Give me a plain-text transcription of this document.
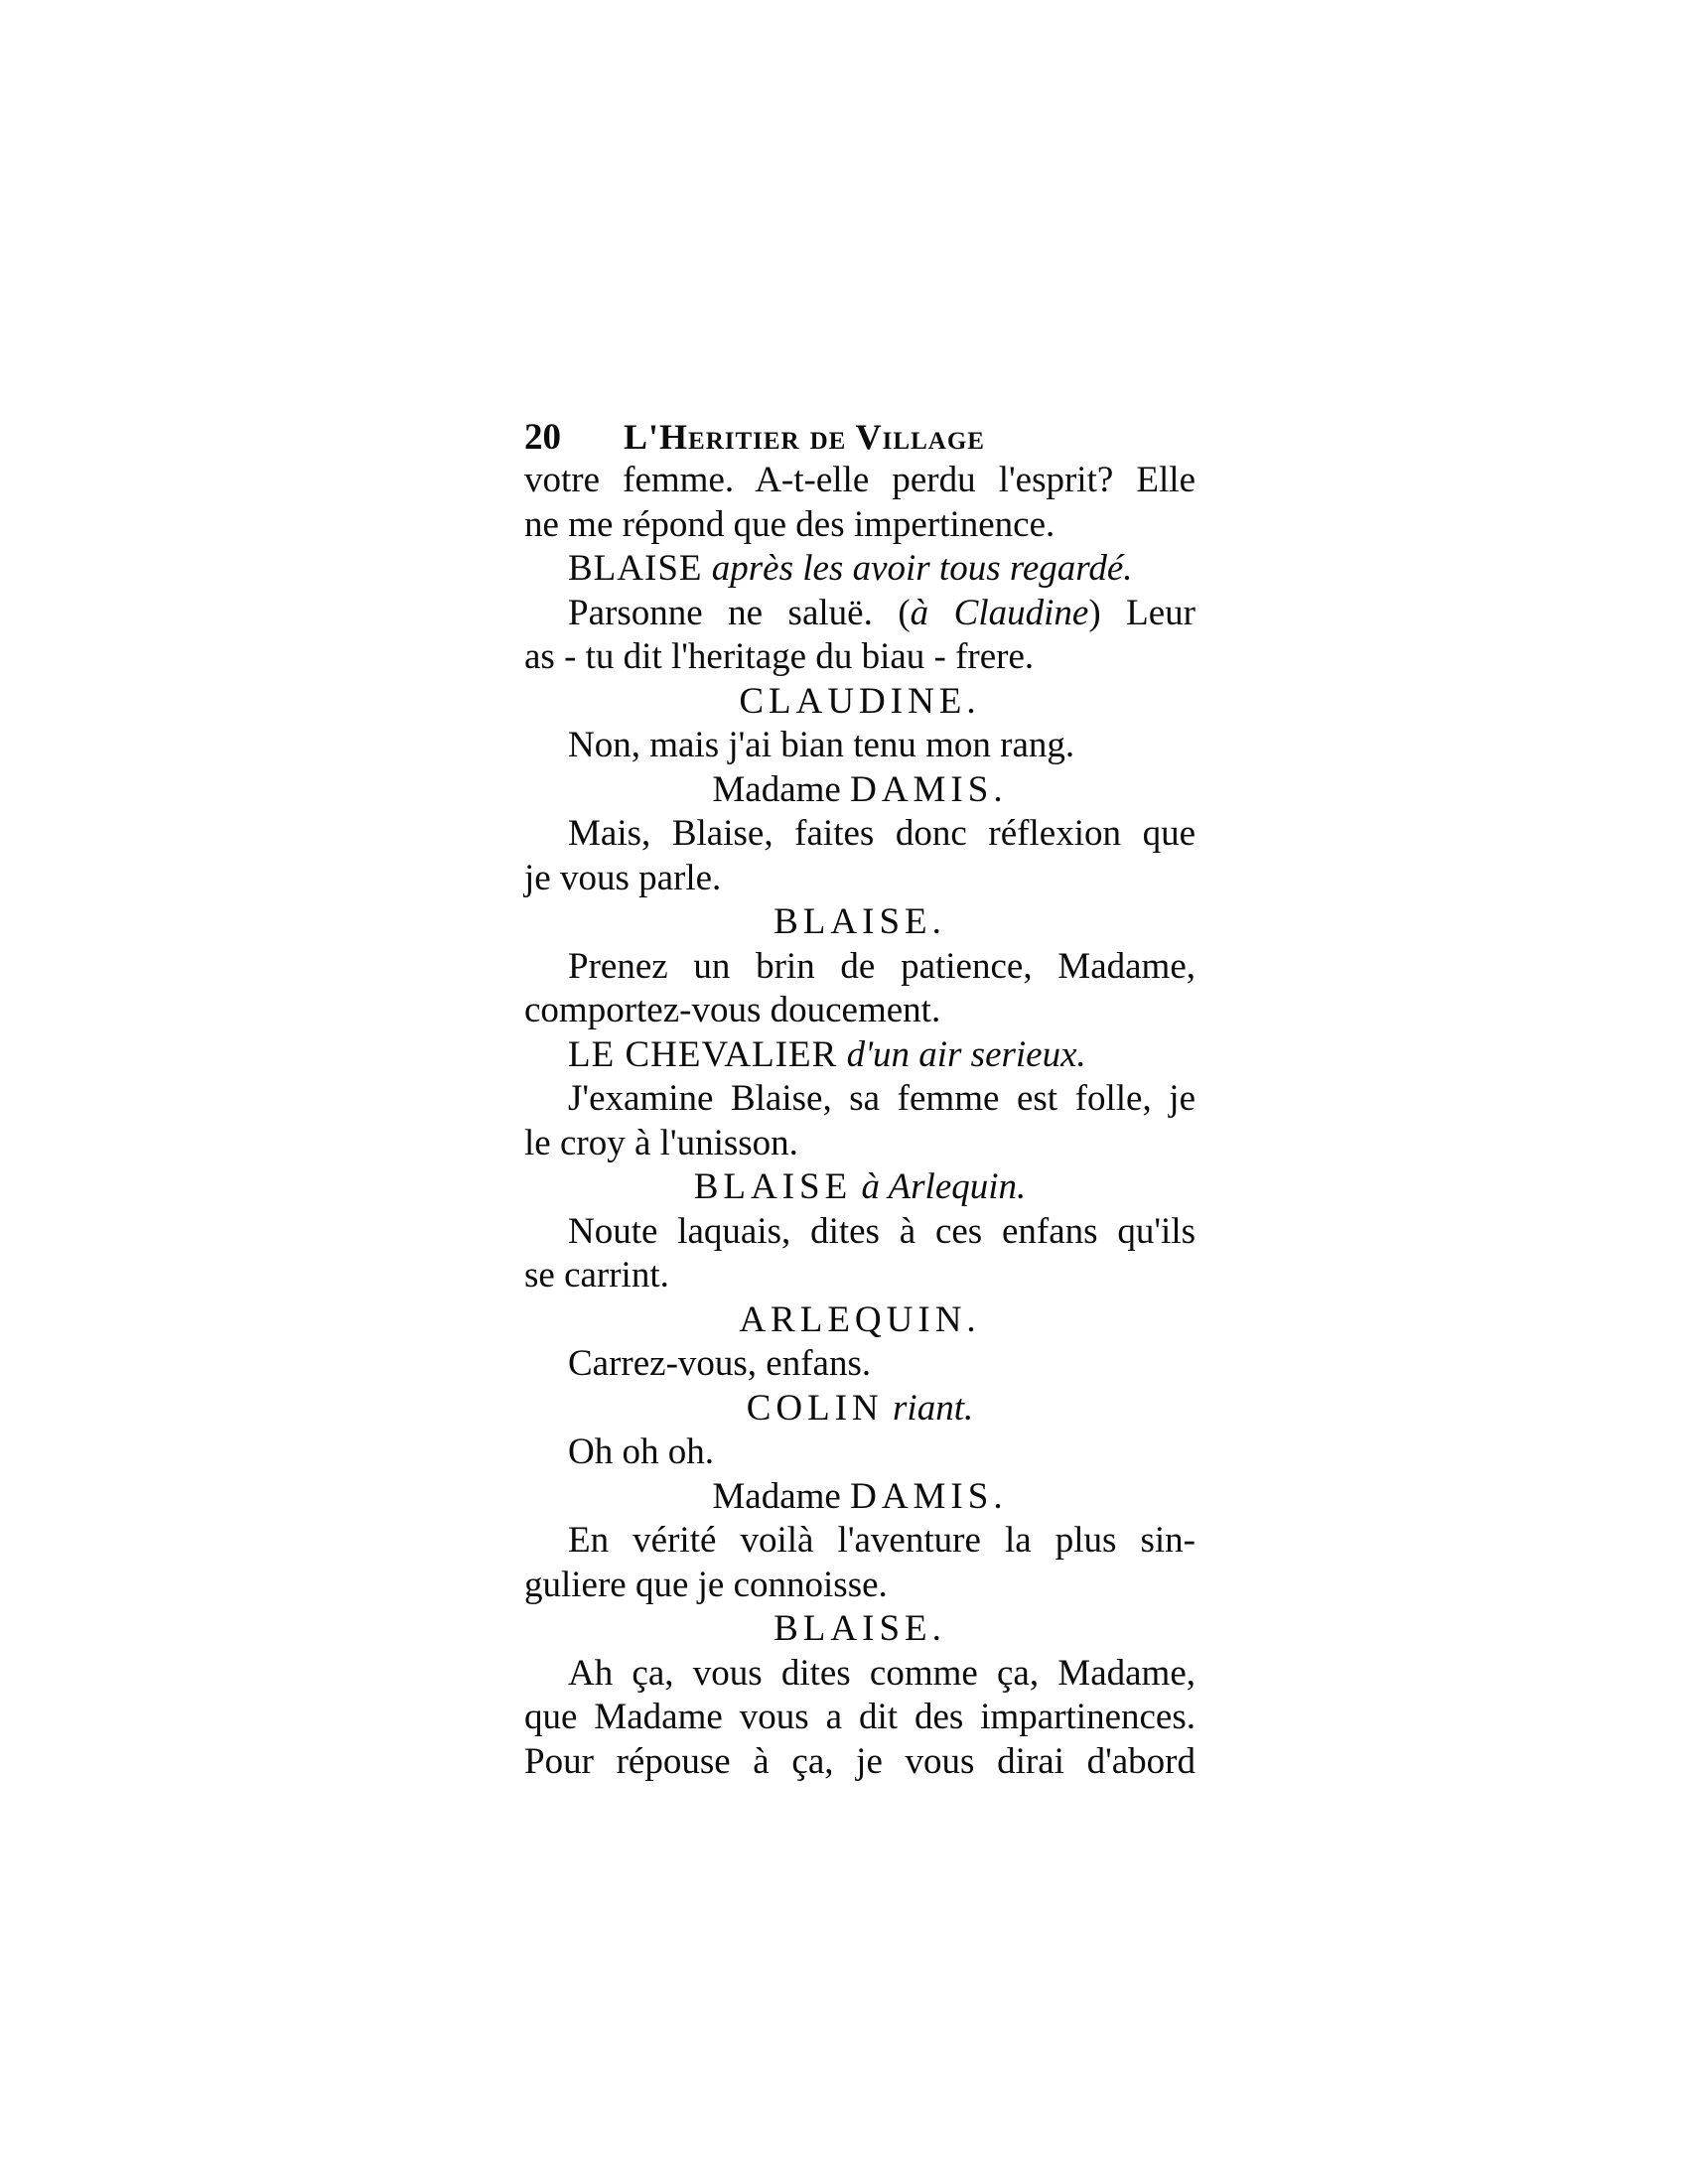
20	L'Heritier de Village
votre femme. A-t-elle perdu l'esprit? Elle
ne me répond que des impertinence.
BLAISE après les avoir tous regardé.
Parsonne ne saluë. (à Claudine) Leur
as - tu dit l'heritage du biau - frere.
CLAUDINE.
Non, mais j'ai bian tenu mon rang.
Madame DAMIS.
Mais, Blaise, faites donc réflexion que
je vous parle.
BLAISE.
Prenez un brin de patience, Madame,
comportez-vous doucement.
LE CHEVALIER d'un air serieux.
J'examine Blaise, sa femme est folle, je
le croy à l'unisson.
BLAISE à Arlequin.
Noute laquais, dites à ces enfans qu'ils
se carrint.
ARLEQUIN.
Carrez-vous, enfans.
COLIN riant.
Oh oh oh.
Madame DAMIS.
En vérité voilà l'aventure la plus sin-
guliere que je connoisse.
BLAISE.
Ah ça, vous dites comme ça, Madame,
que Madame vous a dit des impartinences.
Pour répouse à ça, je vous dirai d'abord
